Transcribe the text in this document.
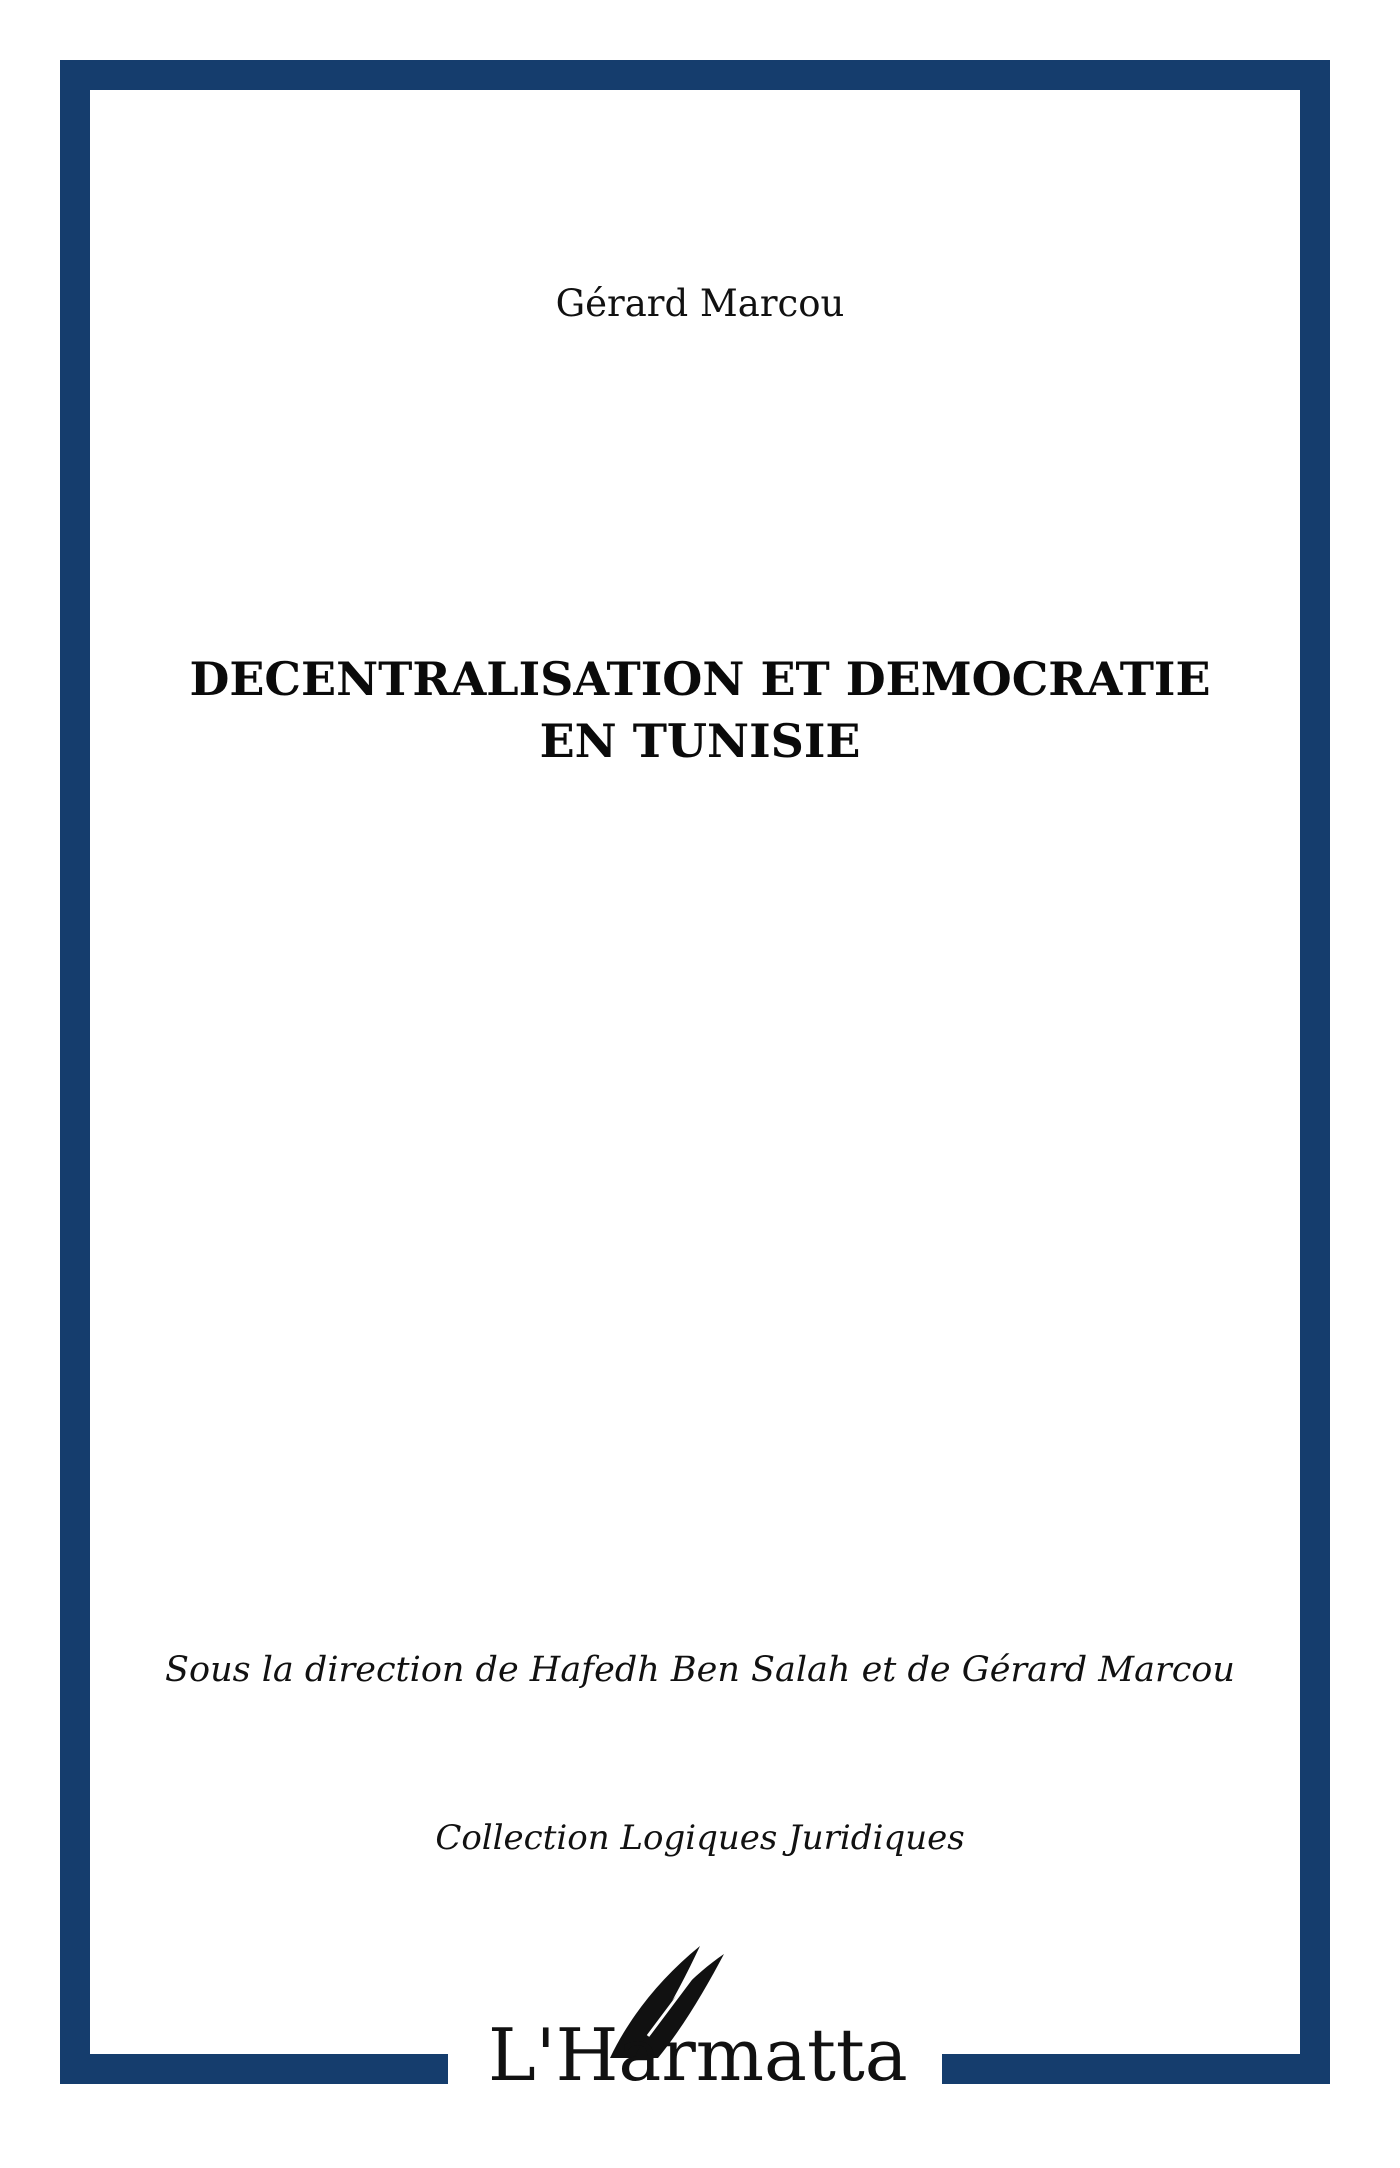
Gérard Marcou
DECENTRALISATION ET DEMOCRATIE
EN TUNISIE
Sous la direction de Hafedh Ben Salah et de Gérard Marcou
Collection Logiques Juridiques
L'Harmattan
